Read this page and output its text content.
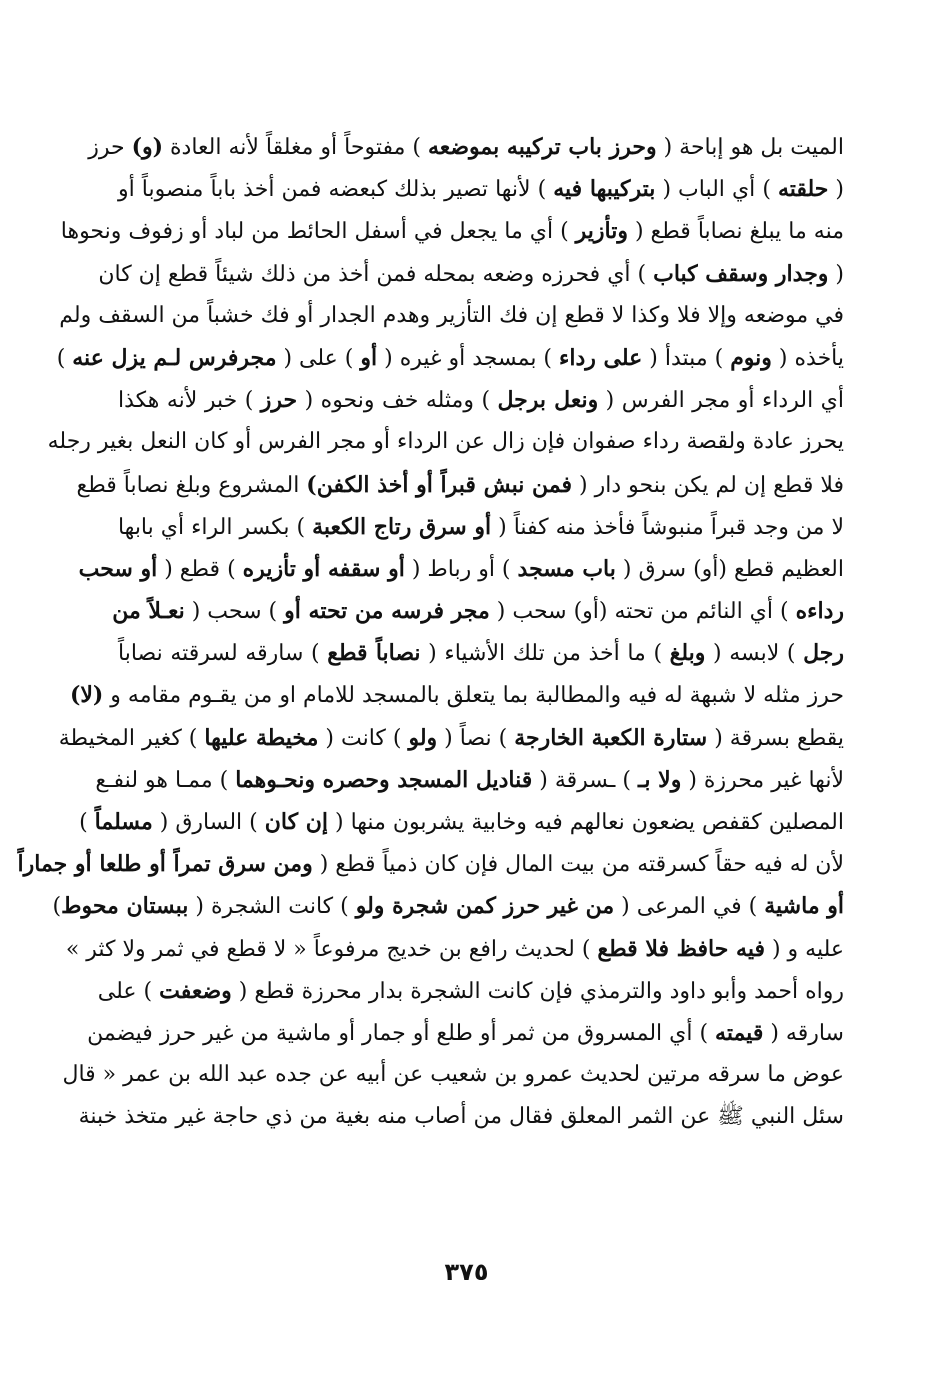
الميت بل هو إباحة ( وحرز باب تركيبه بموضعه ) مفتوحاً أو مغلقاً لأنه العادة (و) حرز
( حلقته ) أي الباب ( بتركيبها فيه ) لأنها تصير بذلك كبعضه فمن أخذ باباً منصوباً أو
منه ما يبلغ نصاباً قطع ( وتأزير ) أي ما يجعل في أسفل الحائط من لباد أو زفوف ونحوها
( وجدار وسقف كباب ) أي فحرزه وضعه بمحله فمن أخذ من ذلك شيئاً قطع إن كان
في موضعه وإلا فلا وكذا لا قطع إن فك التأزير وهدم الجدار أو فك خشباً من السقف ولم
يأخذه ( ونوم ) مبتدأ ( على رداء ) بمسجد أو غيره ( أو ) على ( مجرفرس لـم يزل عنه )
أي الرداء أو مجر الفرس ( ونعل برجل ) ومثله خف ونحوه ( حرز ) خبر لأنه هكذا
يحرز عادة ولقصة رداء صفوان فإن زال عن الرداء أو مجر الفرس أو كان النعل بغير رجله
فلا قطع إن لم يكن بنحو دار ( فمن نبش قبراً أو أخذ الكفن) المشروع وبلغ نصاباً قطع
لا من وجد قبراً منبوشاً فأخذ منه كفناً ( أو سرق رتاج الكعبة ) بكسر الراء أي بابها
العظيم قطع (أو) سرق ( باب مسجد ) أو رباط ( أو سقفه أو تأزيره ) قطع ( أو سحب
رداءه ) أي النائم من تحته (أو) سحب ( مجر فرسه من تحته أو ) سحب ( نعـلاً من
رجل ) لابسه ( وبلغ ) ما أخذ من تلك الأشياء ( نصاباً قطع ) سارقه لسرقته نصاباً
حرز مثله لا شبهة له فيه والمطالبة بما يتعلق بالمسجد للامام او من يقـوم مقامه و (لا)
يقطع بسرقة ( ستارة الكعبة الخارجة ) نصاً ( ولو ) كانت ( مخيطة عليها ) كغير المخيطة
لأنها غير محرزة ( ولا بـ ) ـسرقة ( قناديل المسجد وحصره ونحـوهما ) ممـا هو لنفـع
المصلين كقفص يضعون نعالهم فيه وخابية يشربون منها ( إن كان ) السارق ( مسلماً )
لأن له فيه حقاً كسرقته من بيت المال فإن كان ذمياً قطع ( ومن سرق تمراً أو طلعا أو جماراً
أو ماشية ) في المرعى ( من غير حرز كمن شجرة ولو ) كانت الشجرة ( ببستان محوط)
عليه و ( فيه حافظ فلا قطع ) لحديث رافع بن خديج مرفوعاً « لا قطع في ثمر ولا كثر »
رواه أحمد وأبو داود والترمذي فإن كانت الشجرة بدار محرزة قطع ( وضعفت ) على
سارقه ( قيمته ) أي المسروق من ثمر أو طلع أو جمار أو ماشية من غير حرز فيضمن
عوض ما سرقه مرتين لحديث عمرو بن شعيب عن أبيه عن جده عبد الله بن عمر « قال
سئل النبي ﷺ عن الثمر المعلق فقال من أصاب منه بغية من ذي حاجة غير متخذ خبنة
٣٧٥
